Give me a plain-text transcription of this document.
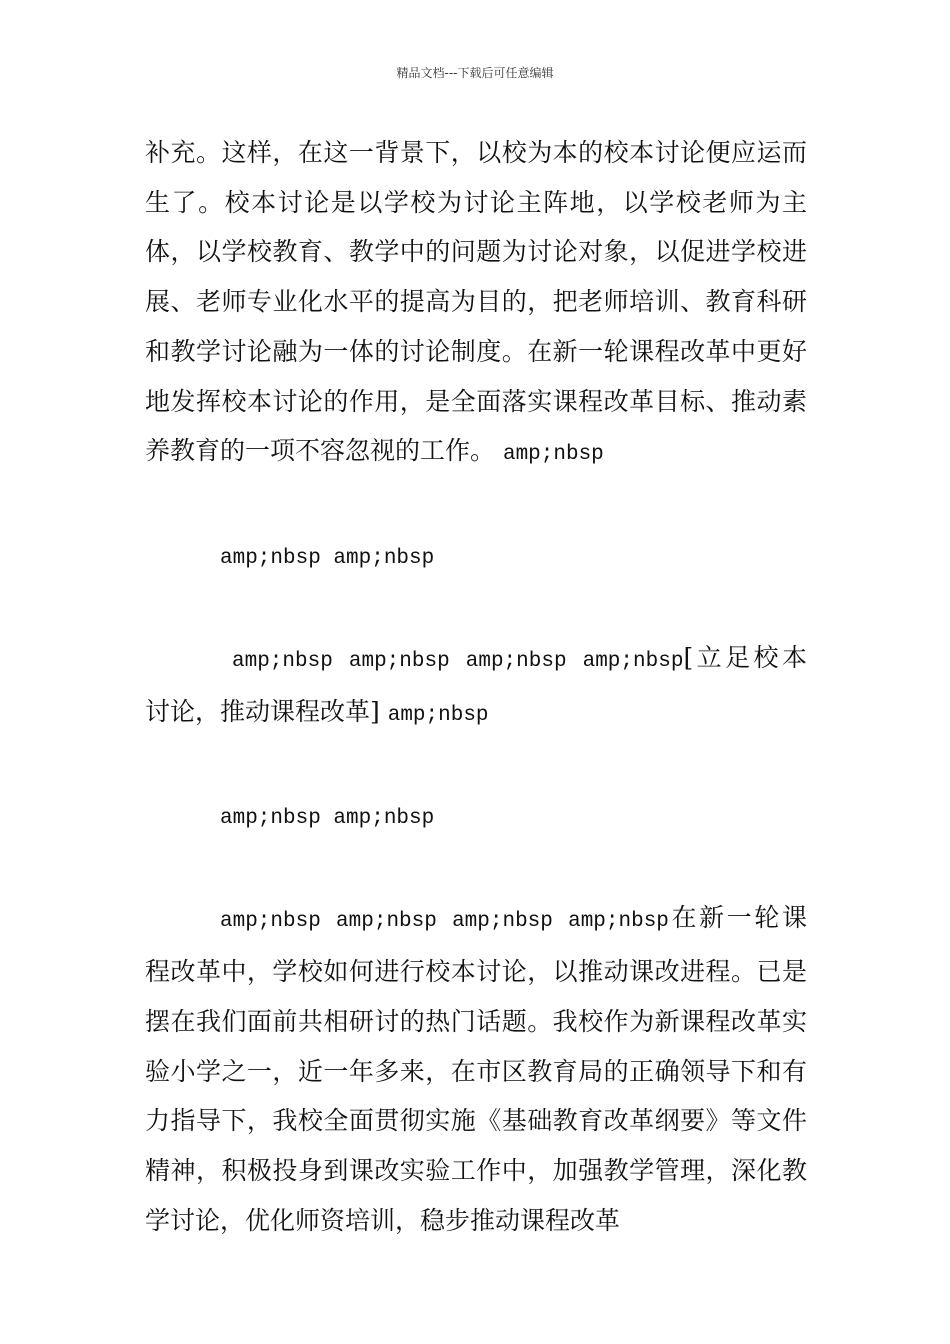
精品文档---下载后可任意编辑

补充。这样，在这一背景下，以校为本的校本讨论便应运而生了。校本讨论是以学校为讨论主阵地，以学校老师为主体，以学校教育、教学中的问题为讨论对象，以促进学校进展、老师专业化水平的提高为目的，把老师培训、教育科研和教学讨论融为一体的讨论制度。在新一轮课程改革中更好地发挥校本讨论的作用，是全面落实课程改革目标、推动素养教育的一项不容忽视的工作。 amp;nbsp

amp;nbsp amp;nbsp

amp;nbsp amp;nbsp amp;nbsp amp;nbsp[立足校本讨论，推动课程改革] amp;nbsp

amp;nbsp amp;nbsp

amp;nbsp amp;nbsp amp;nbsp amp;nbsp在新一轮课程改革中，学校如何进行校本讨论，以推动课改进程。已是摆在我们面前共相研讨的热门话题。我校作为新课程改革实验小学之一，近一年多来，在市区教育局的正确领导下和有力指导下，我校全面贯彻实施《基础教育改革纲要》等文件精神，积极投身到课改实验工作中，加强教学管理，深化教学讨论，优化师资培训，稳步推动课程改革
